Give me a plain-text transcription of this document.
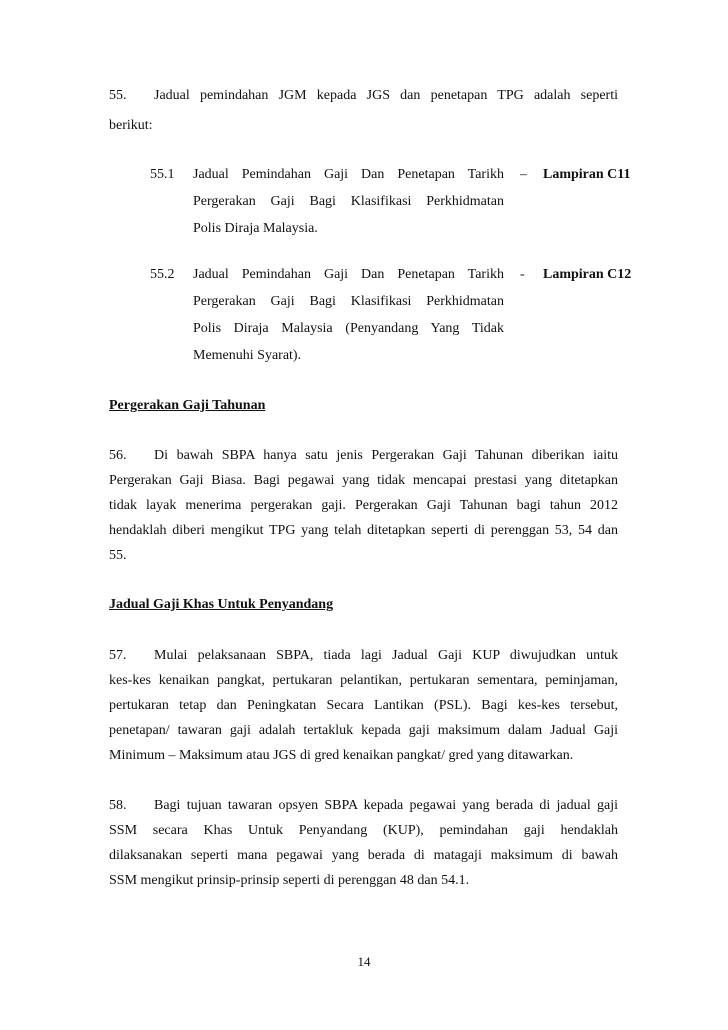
55. Jadual pemindahan JGM kepada JGS dan penetapan TPG adalah seperti
berikut:
55.1 Jadual Pemindahan Gaji Dan Penetapan Tarikh
Pergerakan Gaji Bagi Klasifikasi Perkhidmatan
Polis Diraja Malaysia.
– Lampiran C11
55.2 Jadual Pemindahan Gaji Dan Penetapan Tarikh
Pergerakan Gaji Bagi Klasifikasi Perkhidmatan
Polis Diraja Malaysia (Penyandang Yang Tidak
Memenuhi Syarat).
- Lampiran C12
Pergerakan Gaji Tahunan
56. Di bawah SBPA hanya satu jenis Pergerakan Gaji Tahunan diberikan iaitu
Pergerakan Gaji Biasa. Bagi pegawai yang tidak mencapai prestasi yang ditetapkan
tidak layak menerima pergerakan gaji. Pergerakan Gaji Tahunan bagi tahun 2012
hendaklah diberi mengikut TPG yang telah ditetapkan seperti di perenggan 53, 54 dan
55.
Jadual Gaji Khas Untuk Penyandang
57. Mulai pelaksanaan SBPA, tiada lagi Jadual Gaji KUP diwujudkan untuk
kes-kes kenaikan pangkat, pertukaran pelantikan, pertukaran sementara, peminjaman,
pertukaran tetap dan Peningkatan Secara Lantikan (PSL). Bagi kes-kes tersebut,
penetapan/ tawaran gaji adalah tertakluk kepada gaji maksimum dalam Jadual Gaji
Minimum – Maksimum atau JGS di gred kenaikan pangkat/ gred yang ditawarkan.
58. Bagi tujuan tawaran opsyen SBPA kepada pegawai yang berada di jadual gaji
SSM secara Khas Untuk Penyandang (KUP), pemindahan gaji hendaklah
dilaksanakan seperti mana pegawai yang berada di matagaji maksimum di bawah
SSM mengikut prinsip-prinsip seperti di perenggan 48 dan 54.1.
14
